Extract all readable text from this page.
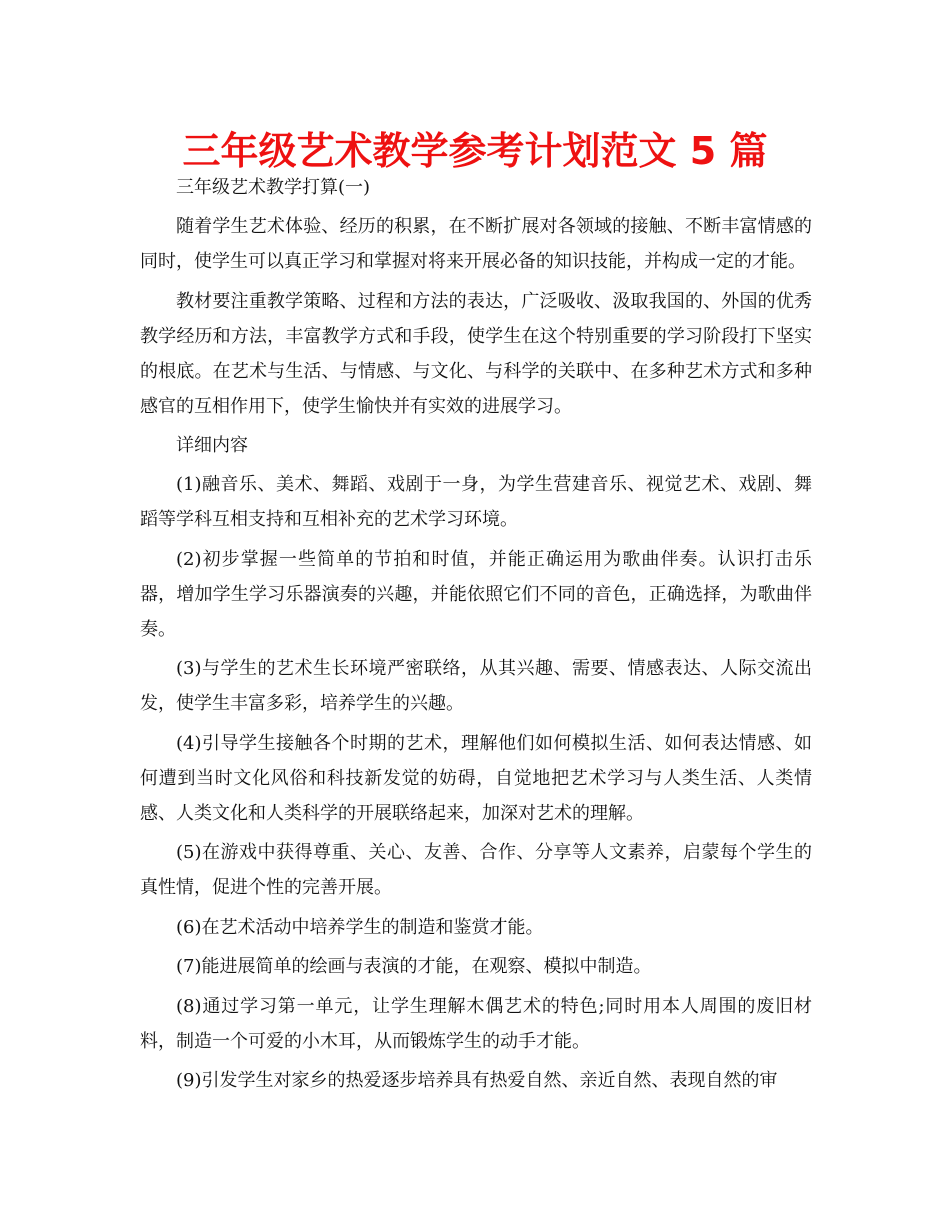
三年级艺术教学参考计划范文 5 篇

三年级艺术教学打算(一)

随着学生艺术体验、经历的积累，在不断扩展对各领域的接触、不断丰富情感的同时，使学生可以真正学习和掌握对将来开展必备的知识技能，并构成一定的才能。

教材要注重教学策略、过程和方法的表达，广泛吸收、汲取我国的、外国的优秀教学经历和方法，丰富教学方式和手段，使学生在这个特别重要的学习阶段打下坚实的根底。在艺术与生活、与情感、与文化、与科学的关联中、在多种艺术方式和多种感官的互相作用下，使学生愉快并有实效的进展学习。

详细内容

(1)融音乐、美术、舞蹈、戏剧于一身，为学生营建音乐、视觉艺术、戏剧、舞蹈等学科互相支持和互相补充的艺术学习环境。

(2)初步掌握一些简单的节拍和时值，并能正确运用为歌曲伴奏。认识打击乐器，增加学生学习乐器演奏的兴趣，并能依照它们不同的音色，正确选择，为歌曲伴奏。

(3)与学生的艺术生长环境严密联络，从其兴趣、需要、情感表达、人际交流出发，使学生丰富多彩，培养学生的兴趣。

(4)引导学生接触各个时期的艺术，理解他们如何模拟生活、如何表达情感、如何遭到当时文化风俗和科技新发觉的妨碍，自觉地把艺术学习与人类生活、人类情感、人类文化和人类科学的开展联络起来，加深对艺术的理解。

(5)在游戏中获得尊重、关心、友善、合作、分享等人文素养，启蒙每个学生的真性情，促进个性的完善开展。

(6)在艺术活动中培养学生的制造和鉴赏才能。

(7)能进展简单的绘画与表演的才能，在观察、模拟中制造。

(8)通过学习第一单元，让学生理解木偶艺术的特色;同时用本人周围的废旧材料，制造一个可爱的小木耳，从而锻炼学生的动手才能。

(9)引发学生对家乡的热爱逐步培养具有热爱自然、亲近自然、表现自然的审
